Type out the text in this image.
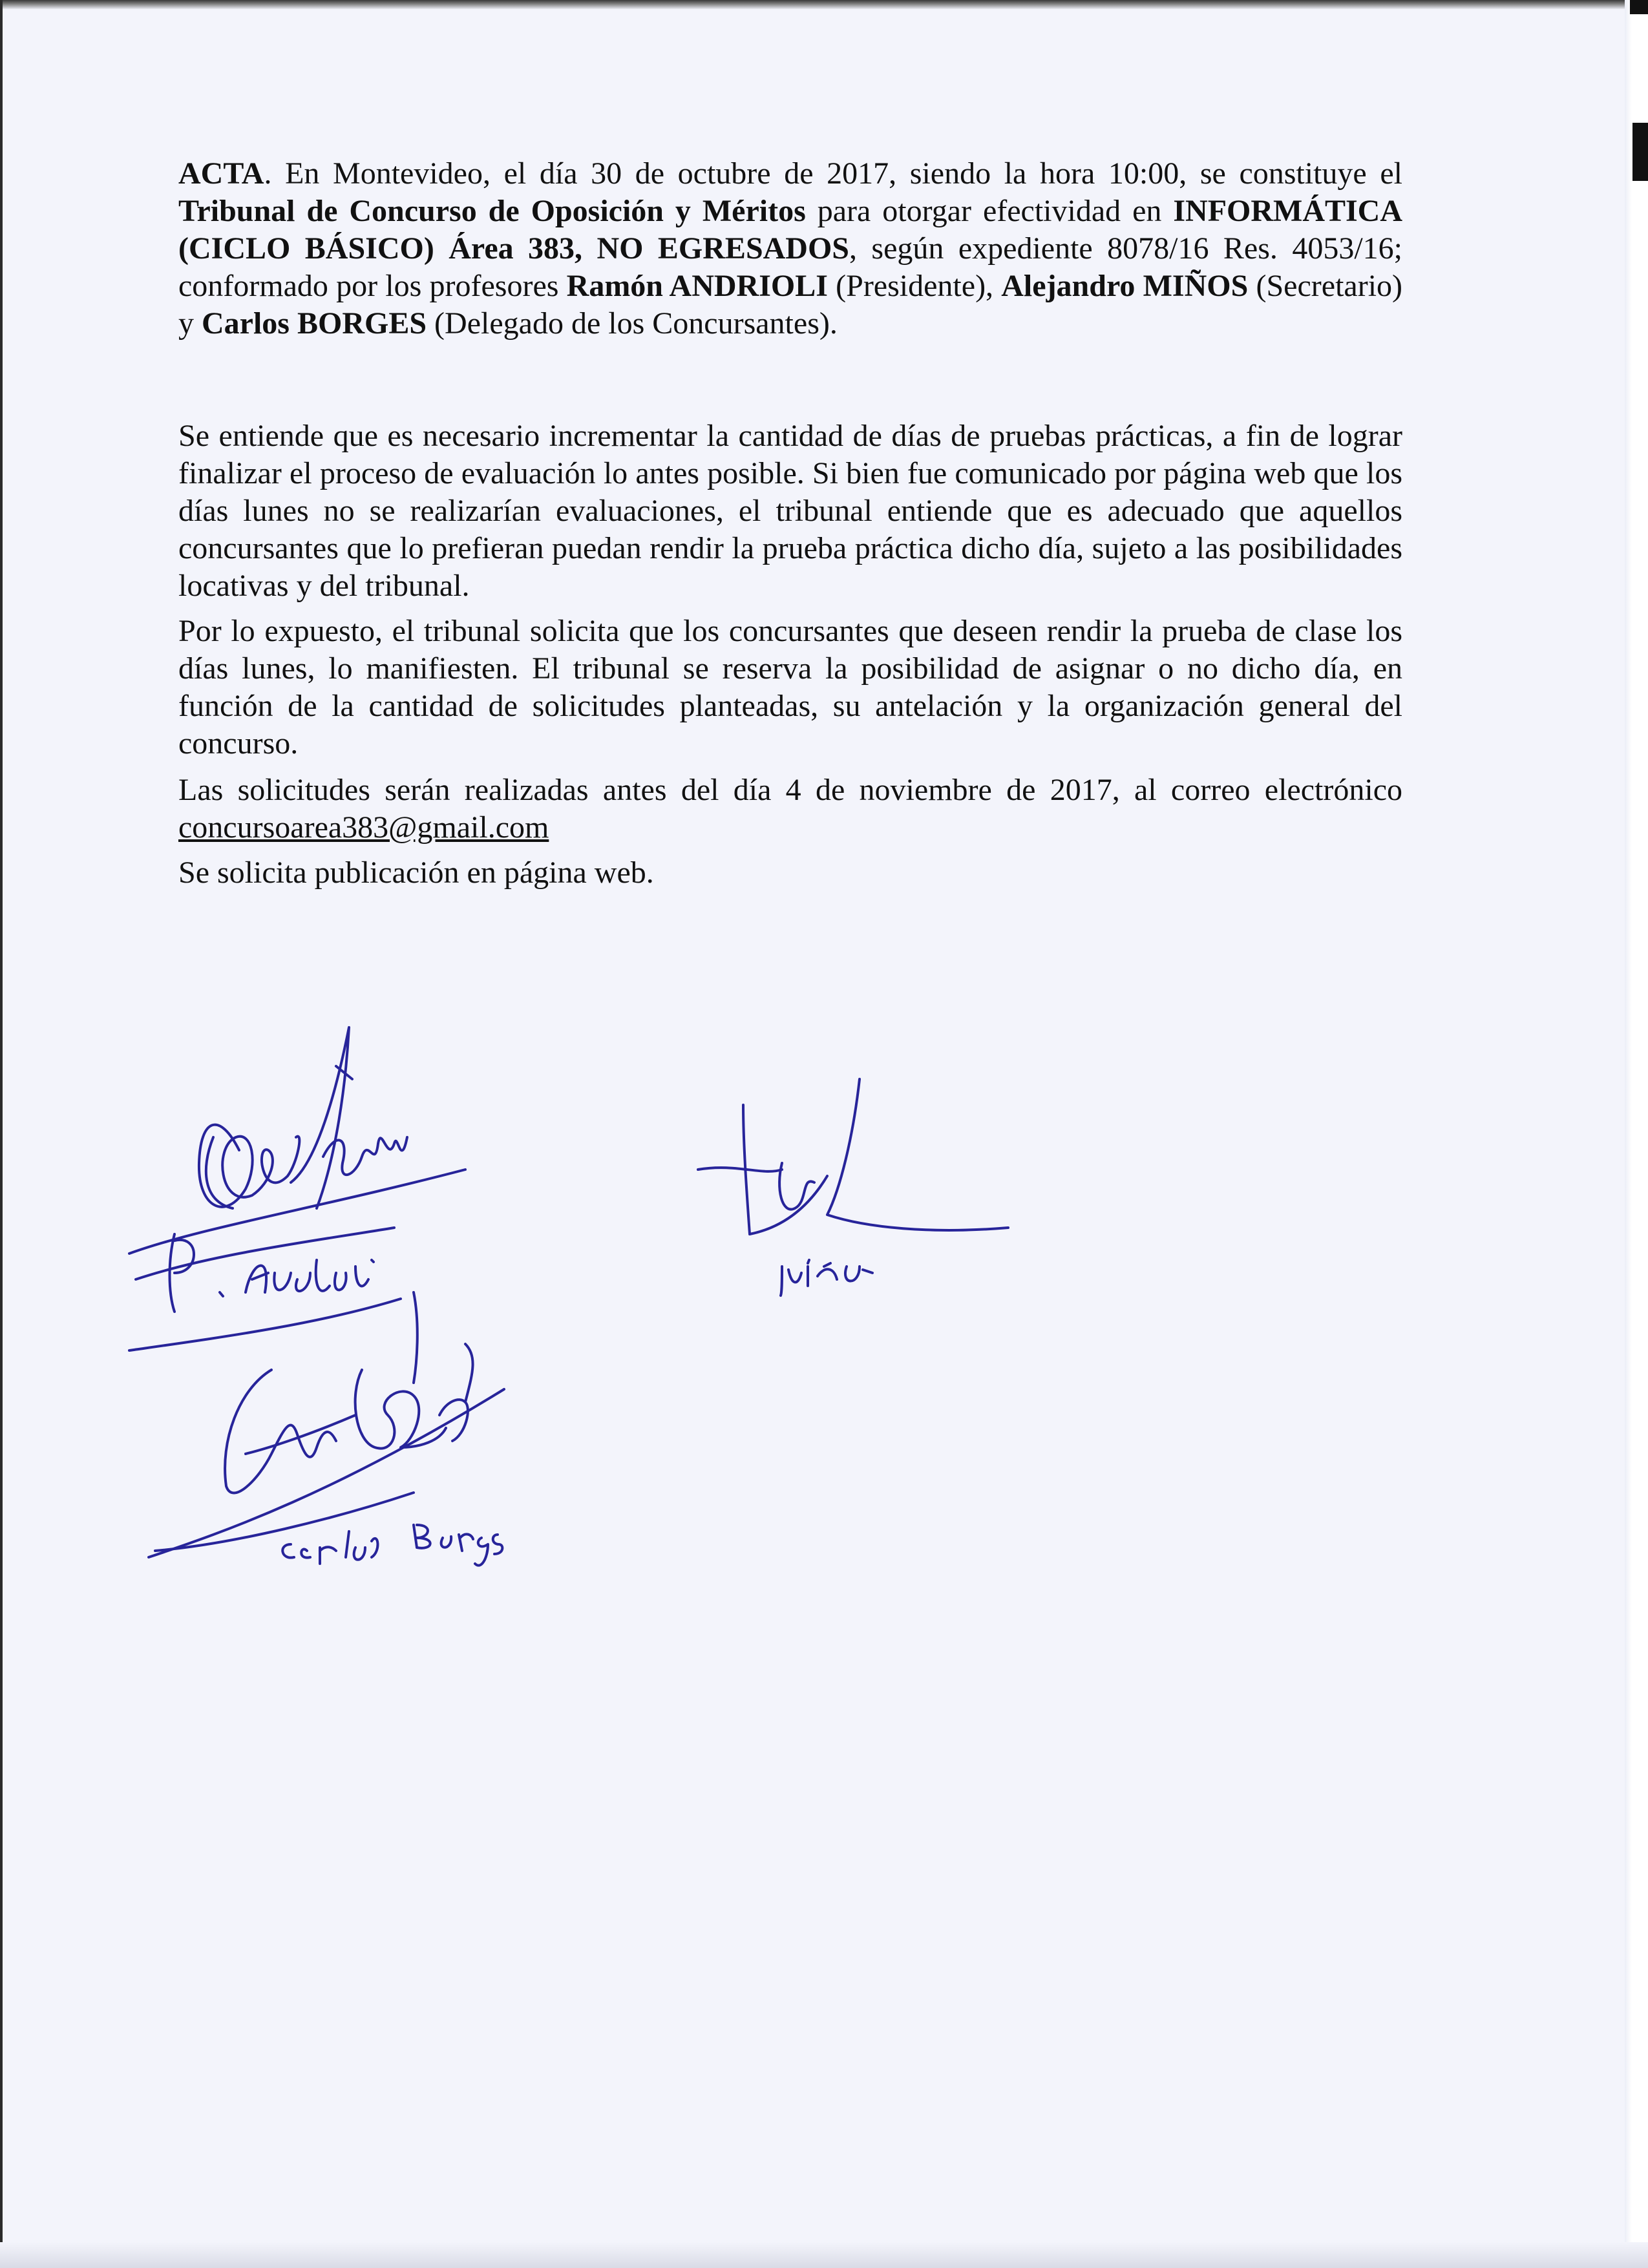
ACTA. En Montevideo, el día 30 de octubre de 2017, siendo la hora 10:00, se constituye el Tribunal de Concurso de Oposición y Méritos para otorgar efectividad en INFORMÁTICA (CICLO BÁSICO) Área 383, NO EGRESADOS, según expediente 8078/16 Res. 4053/16; conformado por los profesores Ramón ANDRIOLI (Presidente), Alejandro MIÑOS (Secretario) y Carlos BORGES (Delegado de los Concursantes).

Se entiende que es necesario incrementar la cantidad de días de pruebas prácticas, a fin de lograr finalizar el proceso de evaluación lo antes posible. Si bien fue comunicado por página web que los días lunes no se realizarían evaluaciones, el tribunal entiende que es adecuado que aquellos concursantes que lo prefieran puedan rendir la prueba práctica dicho día, sujeto a las posibilidades locativas y del tribunal.

Por lo expuesto, el tribunal solicita que los concursantes que deseen rendir la prueba de clase los días lunes, lo manifiesten. El tribunal se reserva la posibilidad de asignar o no dicho día, en función de la cantidad de solicitudes planteadas, su antelación y la organización general del concurso.

Las solicitudes serán realizadas antes del día 4 de noviembre de 2017, al correo electrónico concursoarea383@gmail.com

Se solicita publicación en página web.
